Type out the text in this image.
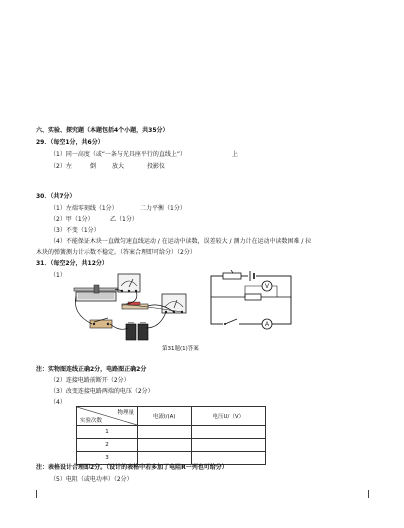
六、实验、探究题（本题包括4个小题，共35分）
29．（每空1分，共6分）
（1）同一高度（或“一条与光具座平行的直线上”）	上
（2）左	倒	放大	投影仪
30．（共7分）
（1）左端零刻线（1分）	二力平衡（1分）
（2）甲（1分）	乙（1分）
（3）不变（1分）
（4）不能保证木块一直做匀速直线运动 / 在运动中读数，误差较大 / 测力计在运动中读数困难 / 拉
木块的弹簧测力计示数不稳定。（答案合理即可给分）（2分）
31．（每空2分，共12分）
（1）
V
A
第31题(1)答案
注：实物图连线正确2分，电路图正确2分
（2）连接电路前断开（2分）
（3）改变连接电路两端的电压（2分）
（4）
物理量
实验次数	电流I/(A)	电压U/（V）
1		
2		
3		
注：表格设计合理即2分。（设计的表格中若多加了电阻R一列也可给分）
（5）电阻（或电功率）（2分）
